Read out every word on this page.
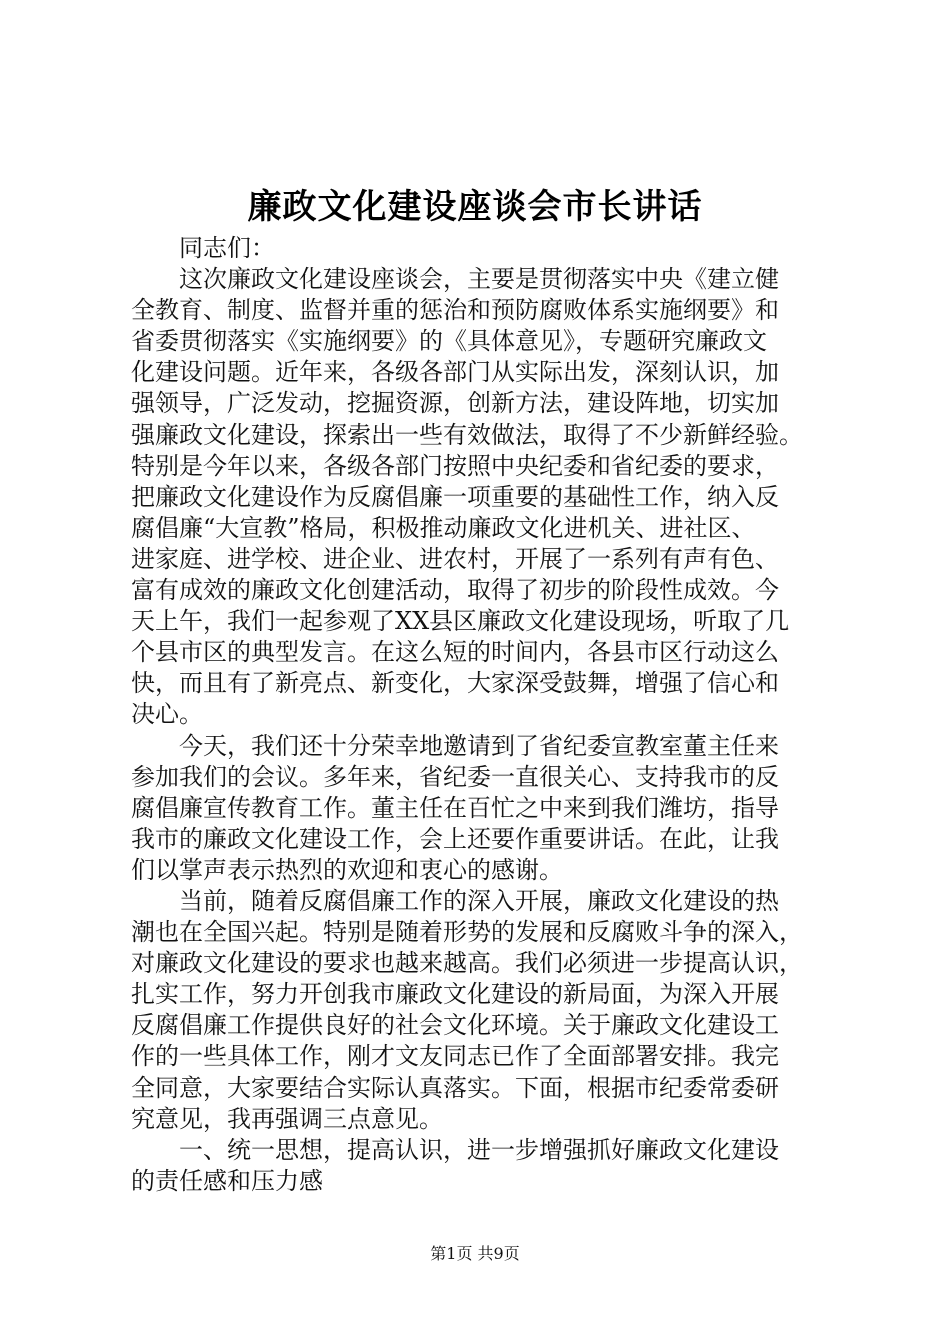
廉政文化建设座谈会市长讲话
　　同志们：
　　这次廉政文化建设座谈会，主要是贯彻落实中央《建立健
全教育、制度、监督并重的惩治和预防腐败体系实施纲要》和
省委贯彻落实《实施纲要》的《具体意见》，专题研究廉政文
化建设问题。近年来，各级各部门从实际出发，深刻认识，加
强领导，广泛发动，挖掘资源，创新方法，建设阵地，切实加
强廉政文化建设，探索出一些有效做法，取得了不少新鲜经验。
特别是今年以来，各级各部门按照中央纪委和省纪委的要求，
把廉政文化建设作为反腐倡廉一项重要的基础性工作，纳入反
腐倡廉“大宣教”格局，积极推动廉政文化进机关、进社区、
进家庭、进学校、进企业、进农村，开展了一系列有声有色、
富有成效的廉政文化创建活动，取得了初步的阶段性成效。今
天上午，我们一起参观了XX县区廉政文化建设现场，听取了几
个县市区的典型发言。在这么短的时间内，各县市区行动这么
快，而且有了新亮点、新变化，大家深受鼓舞，增强了信心和
决心。
　　今天，我们还十分荣幸地邀请到了省纪委宣教室董主任来
参加我们的会议。多年来，省纪委一直很关心、支持我市的反
腐倡廉宣传教育工作。董主任在百忙之中来到我们潍坊，指导
我市的廉政文化建设工作，会上还要作重要讲话。在此，让我
们以掌声表示热烈的欢迎和衷心的感谢。
　　当前，随着反腐倡廉工作的深入开展，廉政文化建设的热
潮也在全国兴起。特别是随着形势的发展和反腐败斗争的深入，
对廉政文化建设的要求也越来越高。我们必须进一步提高认识，
扎实工作，努力开创我市廉政文化建设的新局面，为深入开展
反腐倡廉工作提供良好的社会文化环境。关于廉政文化建设工
作的一些具体工作，刚才文友同志已作了全面部署安排。我完
全同意，大家要结合实际认真落实。下面，根据市纪委常委研
究意见，我再强调三点意见。
　　一、统一思想，提高认识，进一步增强抓好廉政文化建设
的责任感和压力感
第1页 共9页
